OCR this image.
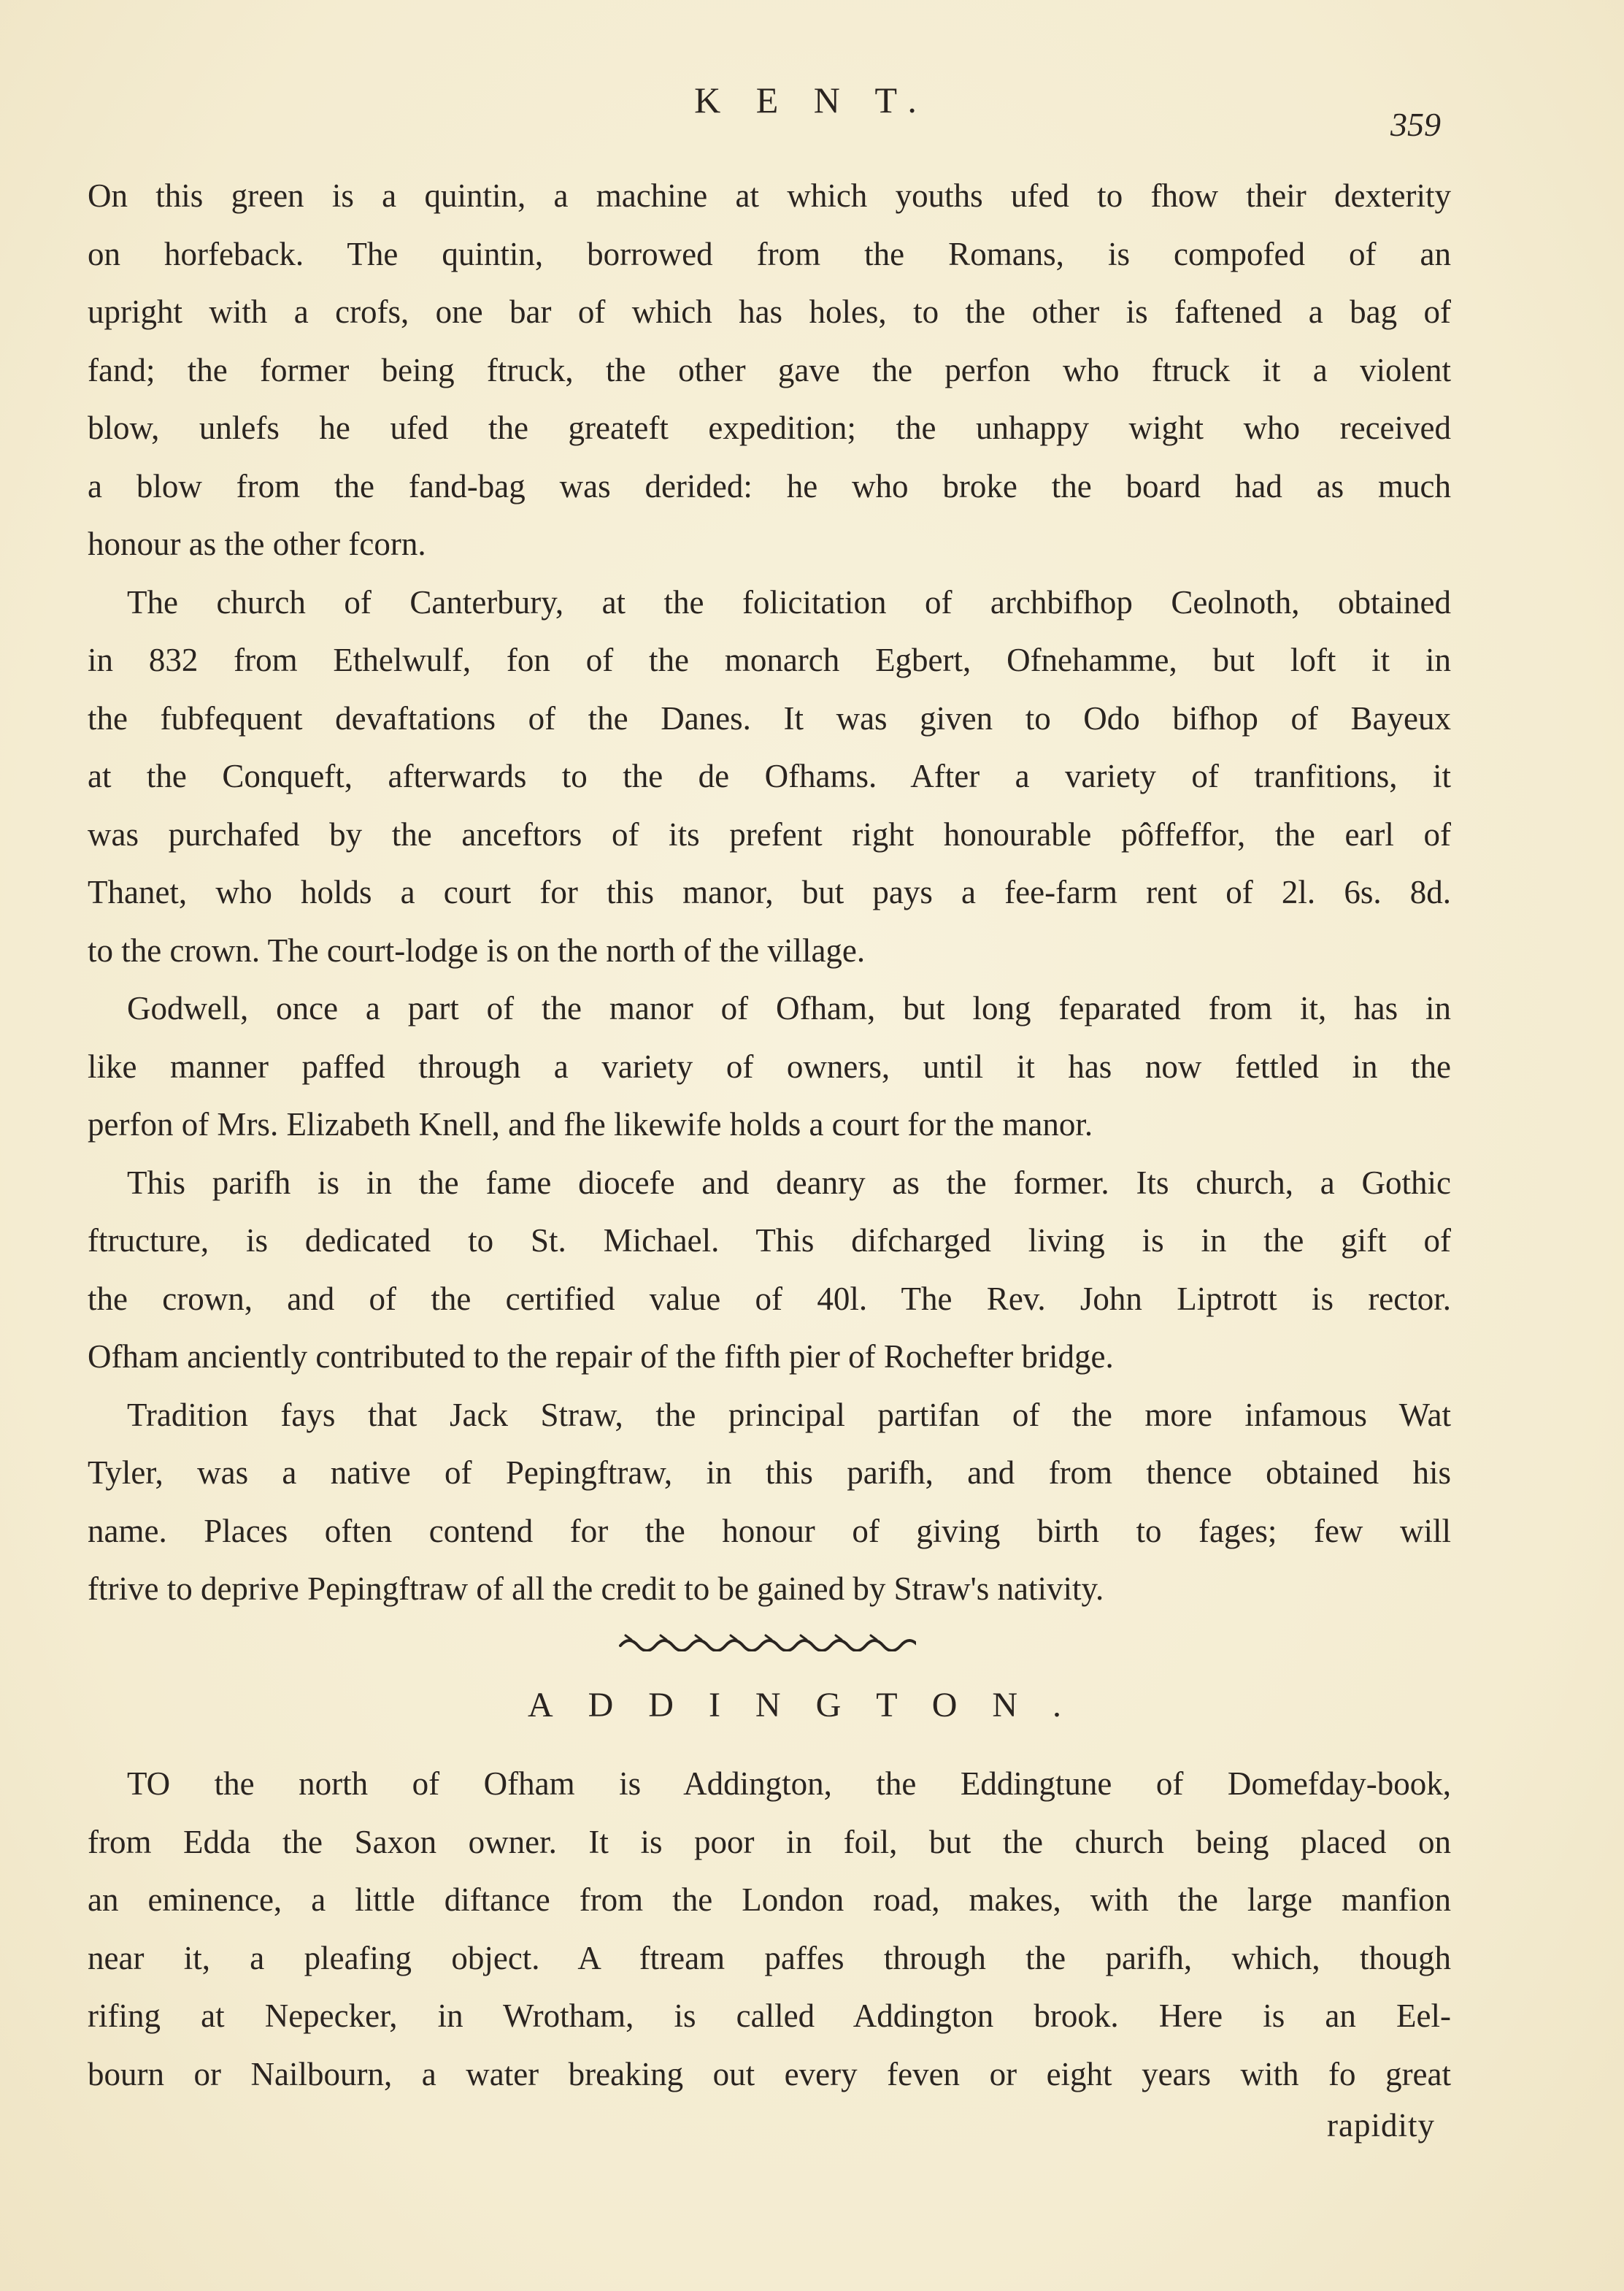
K E N T.
359
On this green is a quintin, a machine at which youths ufed to fhow their dexterity
on horfeback. The quintin, borrowed from the Romans, is compofed of an
upright with a crofs, one bar of which has holes, to the other is faftened a bag of
fand; the former being ftruck, the other gave the perfon who ftruck it a violent
blow, unlefs he ufed the greateft expedition; the unhappy wight who received
a blow from the fand-bag was derided: he who broke the board had as much
honour as the other fcorn.
The church of Canterbury, at the folicitation of archbifhop Ceolnoth, obtained
in 832 from Ethelwulf, fon of the monarch Egbert, Ofnehamme, but loft it in
the fubfequent devaftations of the Danes. It was given to Odo bifhop of Bayeux
at the Conqueft, afterwards to the de Ofhams. After a variety of tranfitions, it
was purchafed by the anceftors of its prefent right honourable pôffeffor, the earl of
Thanet, who holds a court for this manor, but pays a fee-farm rent of 2l. 6s. 8d.
to the crown. The court-lodge is on the north of the village.
Godwell, once a part of the manor of Ofham, but long feparated from it, has in
like manner paffed through a variety of owners, until it has now fettled in the
perfon of Mrs. Elizabeth Knell, and fhe likewife holds a court for the manor.
This parifh is in the fame diocefe and deanry as the former. Its church, a Gothic
ftructure, is dedicated to St. Michael. This difcharged living is in the gift of
the crown, and of the certified value of 40l. The Rev. John Liptrott is rector.
Ofham anciently contributed to the repair of the fifth pier of Rochefter bridge.
Tradition fays that Jack Straw, the principal partifan of the more infamous Wat
Tyler, was a native of Pepingftraw, in this parifh, and from thence obtained his
name. Places often contend for the honour of giving birth to fages; few will
ftrive to deprive Pepingftraw of all the credit to be gained by Straw's nativity.
ADDINGTON.
TO the north of Ofham is Addington, the Eddingtune of Domefday-book,
from Edda the Saxon owner. It is poor in foil, but the church being placed on
an eminence, a little diftance from the London road, makes, with the large manfion
near it, a pleafing object. A ftream paffes through the parifh, which, though
rifing at Nepecker, in Wrotham, is called Addington brook. Here is an Eel-
bourn or Nailbourn, a water breaking out every feven or eight years with fo great
rapidity
